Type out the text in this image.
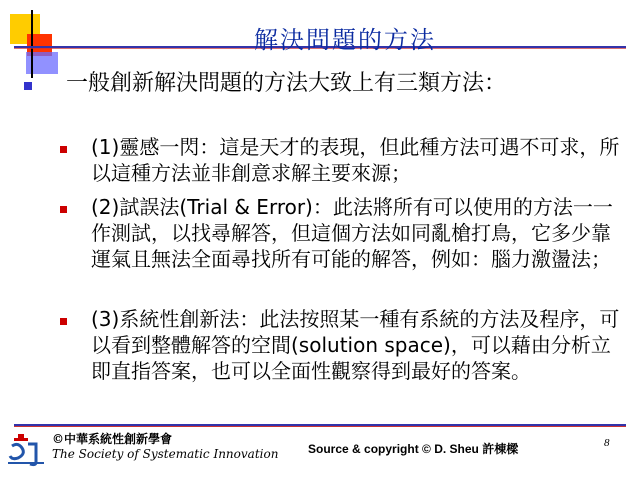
解決問題的方法
一般創新解決問題的方法大致上有三類方法：
(1)靈感一閃：這是天才的表現，但此種方法可遇不可求，所以這種方法並非創意求解主要來源；
(2)試誤法(Trial & Error)：此法將所有可以使用的方法一一作測試，以找尋解答，但這個方法如同亂槍打鳥，它多少靠運氣且無法全面尋找所有可能的解答，例如：腦力激盪法；
(3)系統性創新法：此法按照某一種有系統的方法及程序，可以看到整體解答的空間(solution space)，可以藉由分析立即直指答案，也可以全面性觀察得到最好的答案。
©中華系統性創新學會
The Society of Systematic Innovation Source & copyright © D. Sheu 許棟樑	8
